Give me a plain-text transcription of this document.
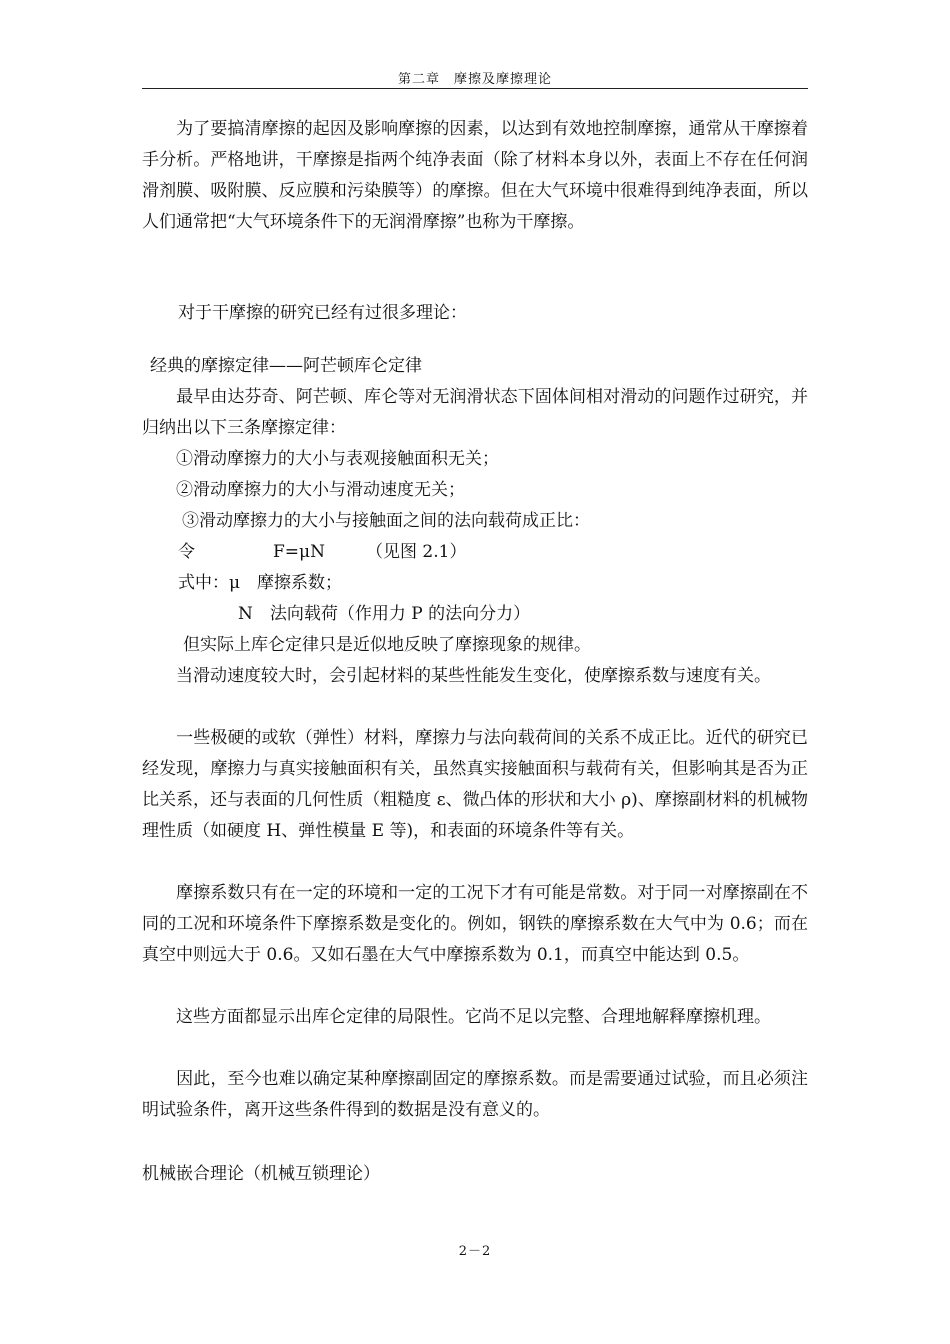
第二章　摩擦及摩擦理论
　　为了要搞清摩擦的起因及影响摩擦的因素，以达到有效地控制摩擦，通常从干摩擦着手分析。严格地讲，干摩擦是指两个纯净表面（除了材料本身以外，表面上不存在任何润滑剂膜、吸附膜、反应膜和污染膜等）的摩擦。但在大气环境中很难得到纯净表面，所以人们通常把“大气环境条件下的无润滑摩擦”也称为干摩擦。
对于干摩擦的研究已经有过很多理论：
经典的摩擦定律——阿芒顿库仑定律
　　最早由达芬奇、阿芒顿、库仑等对无润滑状态下固体间相对滑动的问题作过研究，并归纳出以下三条摩擦定律：
①滑动摩擦力的大小与表观接触面积无关；
②滑动摩擦力的大小与滑动速度无关；
③滑动摩擦力的大小与接触面之间的法向载荷成正比：
令	F=μN （见图 2.1）
式中：μ　摩擦系数；
N　法向载荷（作用力 P 的法向分力）
但实际上库仑定律只是近似地反映了摩擦现象的规律。
　　当滑动速度较大时，会引起材料的某些性能发生变化，使摩擦系数与速度有关。
　　一些极硬的或软（弹性）材料，摩擦力与法向载荷间的关系不成正比。近代的研究已经发现，摩擦力与真实接触面积有关，虽然真实接触面积与载荷有关，但影响其是否为正比关系，还与表面的几何性质（粗糙度 ε、微凸体的形状和大小 ρ)、摩擦副材料的机械物理性质（如硬度 H、弹性模量 E 等)，和表面的环境条件等有关。
　　摩擦系数只有在一定的环境和一定的工况下才有可能是常数。对于同一对摩擦副在不同的工况和环境条件下摩擦系数是变化的。例如，钢铁的摩擦系数在大气中为 0.6；而在真空中则远大于 0.6。又如石墨在大气中摩擦系数为 0.1，而真空中能达到 0.5。
　　这些方面都显示出库仑定律的局限性。它尚不足以完整、合理地解释摩擦机理。
　　因此，至今也难以确定某种摩擦副固定的摩擦系数。而是需要通过试验，而且必须注明试验条件，离开这些条件得到的数据是没有意义的。
机械嵌合理论（机械互锁理论）
2－2
